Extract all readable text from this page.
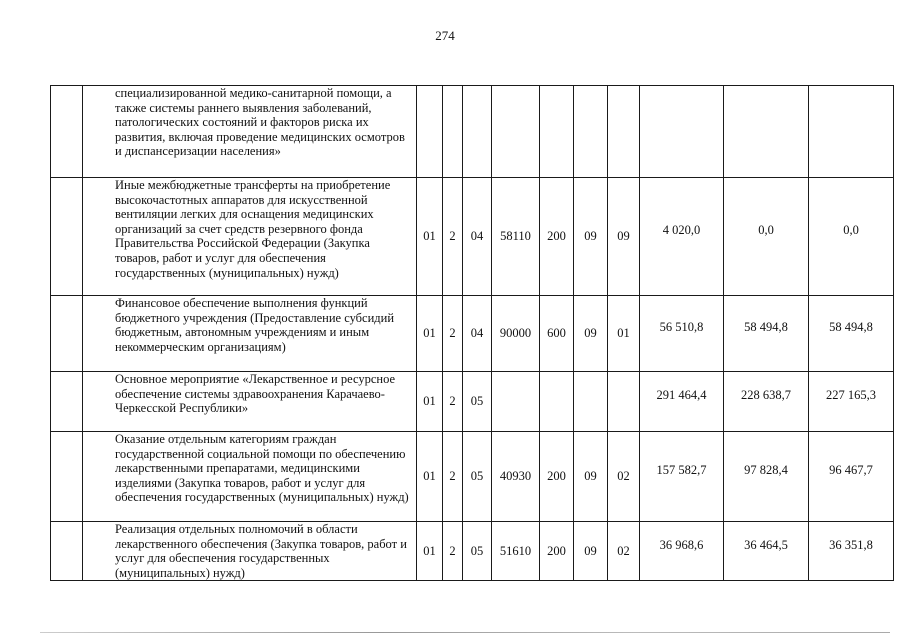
274
	специализированной медико-санитарной помощи, а также системы раннего выявления заболеваний, патологических состояний и факторов риска их развития, включая проведение медицинских осмотров и диспансеризации населения»										
	Иные межбюджетные трансферты на приобретение высокочастотных аппаратов для искусственной вентиляции легких для оснащения медицинских организаций за счет средств резервного фонда Правительства Российской Федерации (Закупка товаров, работ и услуг для обеспечения государственных (муниципальных) нужд)	01	2	04	58110	200	09	09	4 020,0	0,0	0,0
	Финансовое обеспечение выполнения функций бюджетного учреждения (Предоставление субсидий бюджетным, автономным учреждениям и иным некоммерческим организациям)	01	2	04	90000	600	09	01	56 510,8	58 494,8	58 494,8
	Основное мероприятие «Лекарственное и ресурсное обеспечение системы здравоохранения Карачаево-Черкесской Республики»	01	2	05					291 464,4	228 638,7	227 165,3
	Оказание отдельным категориям граждан государственной социальной помощи по обеспечению лекарственными препаратами, медицинскими изделиями (Закупка товаров, работ и услуг для обеспечения государственных (муниципальных) нужд)	01	2	05	40930	200	09	02	157 582,7	97 828,4	96 467,7
	Реализация отдельных полномочий в области лекарственного обеспечения (Закупка товаров, работ и услуг для обеспечения государственных (муниципальных) нужд)	01	2	05	51610	200	09	02	36 968,6	36 464,5	36 351,8
